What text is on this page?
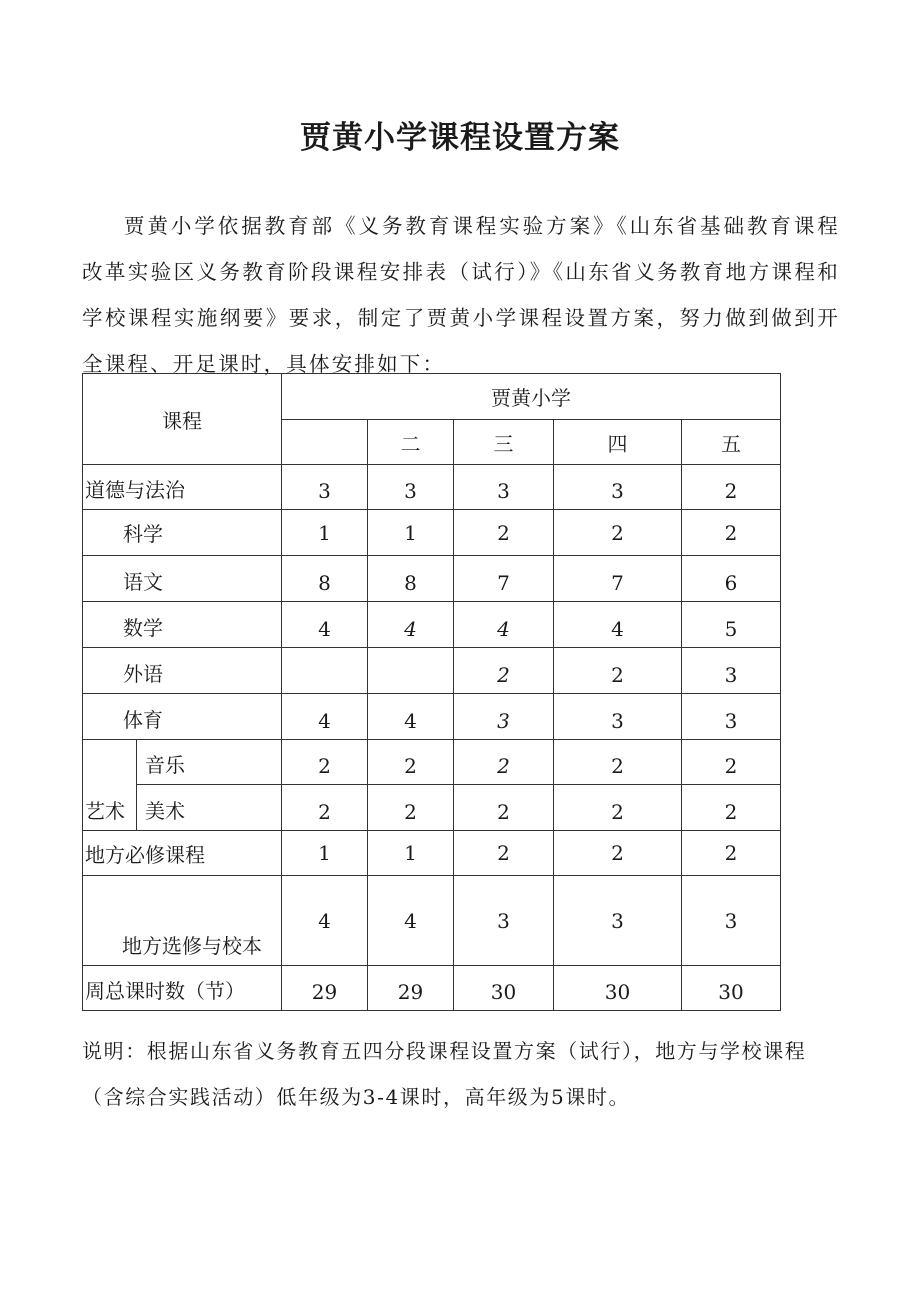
贾黄小学课程设置方案
贾黄小学依据教育部《义务教育课程实验方案》《山东省基础教育课程改革实验区义务教育阶段课程安排表（试行）》《山东省义务教育地方课程和学校课程实施纲要》要求，制定了贾黄小学课程设置方案，努力做到做到开全课程、开足课时，具体安排如下：
课程		贾黄小学				
			二	三	四	五
道德与法治		3	3	3	3	2
科学		1	1	2	2	2
语文		8	8	7	7	6
数学		4	4	4	4	5
外语				2	2	3
体育		4	4	3	3	3
艺术	音乐	2	2	2	2	2
	美术	2	2	2	2	2
地方必修课程		1	1	2	2	2
地方选修与校本		4	4	3	3	3
周总课时数（节）		29	29	30	30	30
说明：根据山东省义务教育五四分段课程设置方案（试行），地方与学校课程（含综合实践活动）低年级为3-4课时，高年级为5课时。
